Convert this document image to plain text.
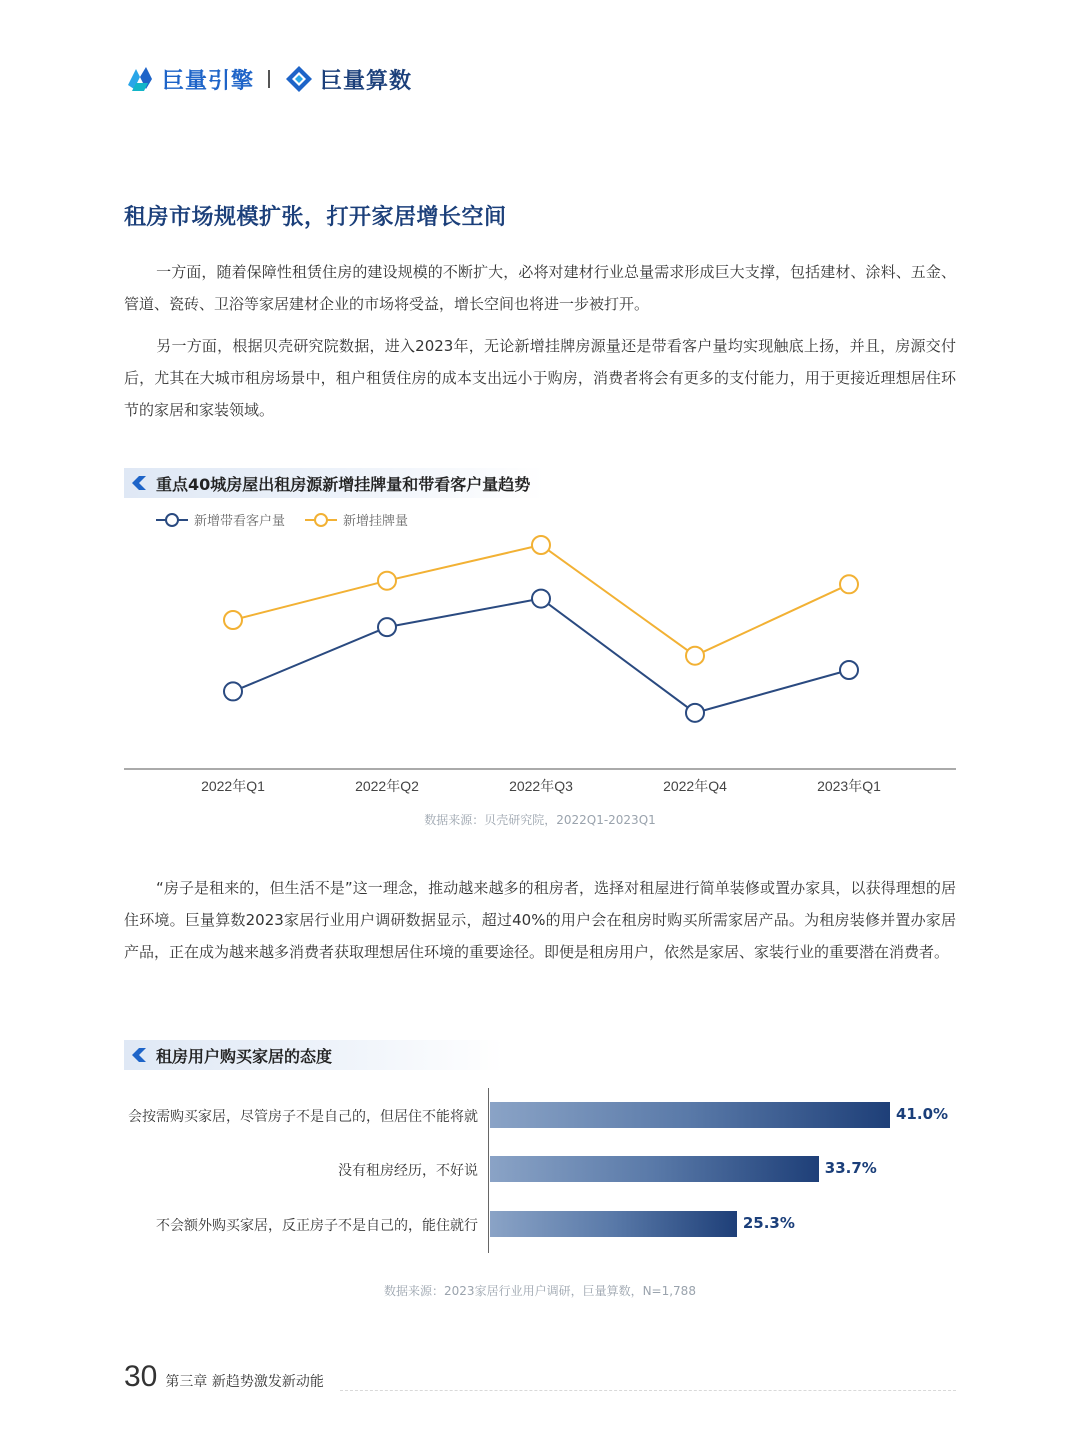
巨量引擎	巨量算数
租房市场规模扩张，打开家居增长空间

一方面，随着保障性租赁住房的建设规模的不断扩大，必将对建材行业总量需求形成巨大支撑，包括建材、涂料、五金、管道、瓷砖、卫浴等家居建材企业的市场将受益，增长空间也将进一步被打开。

另一方面，根据贝壳研究院数据，进入2023年，无论新增挂牌房源量还是带看客户量均实现触底上扬，并且，房源交付后，尤其在大城市租房场景中，租户租赁住房的成本支出远小于购房，消费者将会有更多的支付能力，用于更接近理想居住环节的家居和家装领域。

重点40城房屋出租房源新增挂牌量和带看客户量趋势
新增带看客户量	新增挂牌量
2022年Q1	2022年Q2	2022年Q3	2022年Q4	2023年Q1
数据来源：贝壳研究院，2022Q1-2023Q1

“房子是租来的，但生活不是”这一理念，推动越来越多的租房者，选择对租屋进行简单装修或置办家具，以获得理想的居住环境。巨量算数2023家居行业用户调研数据显示，超过40%的用户会在租房时购买所需家居产品。为租房装修并置办家居产品，正在成为越来越多消费者获取理想居住环境的重要途径。即便是租房用户，依然是家居、家装行业的重要潜在消费者。

租房用户购买家居的态度
会按需购买家居，尽管房子不是自己的，但居住不能将就	41.0%
没有租房经历，不好说	33.7%
不会额外购买家居，反正房子不是自己的，能住就行	25.3%
数据来源：2023家居行业用户调研，巨量算数，N=1,788
30 第三章 新趋势激发新动能
